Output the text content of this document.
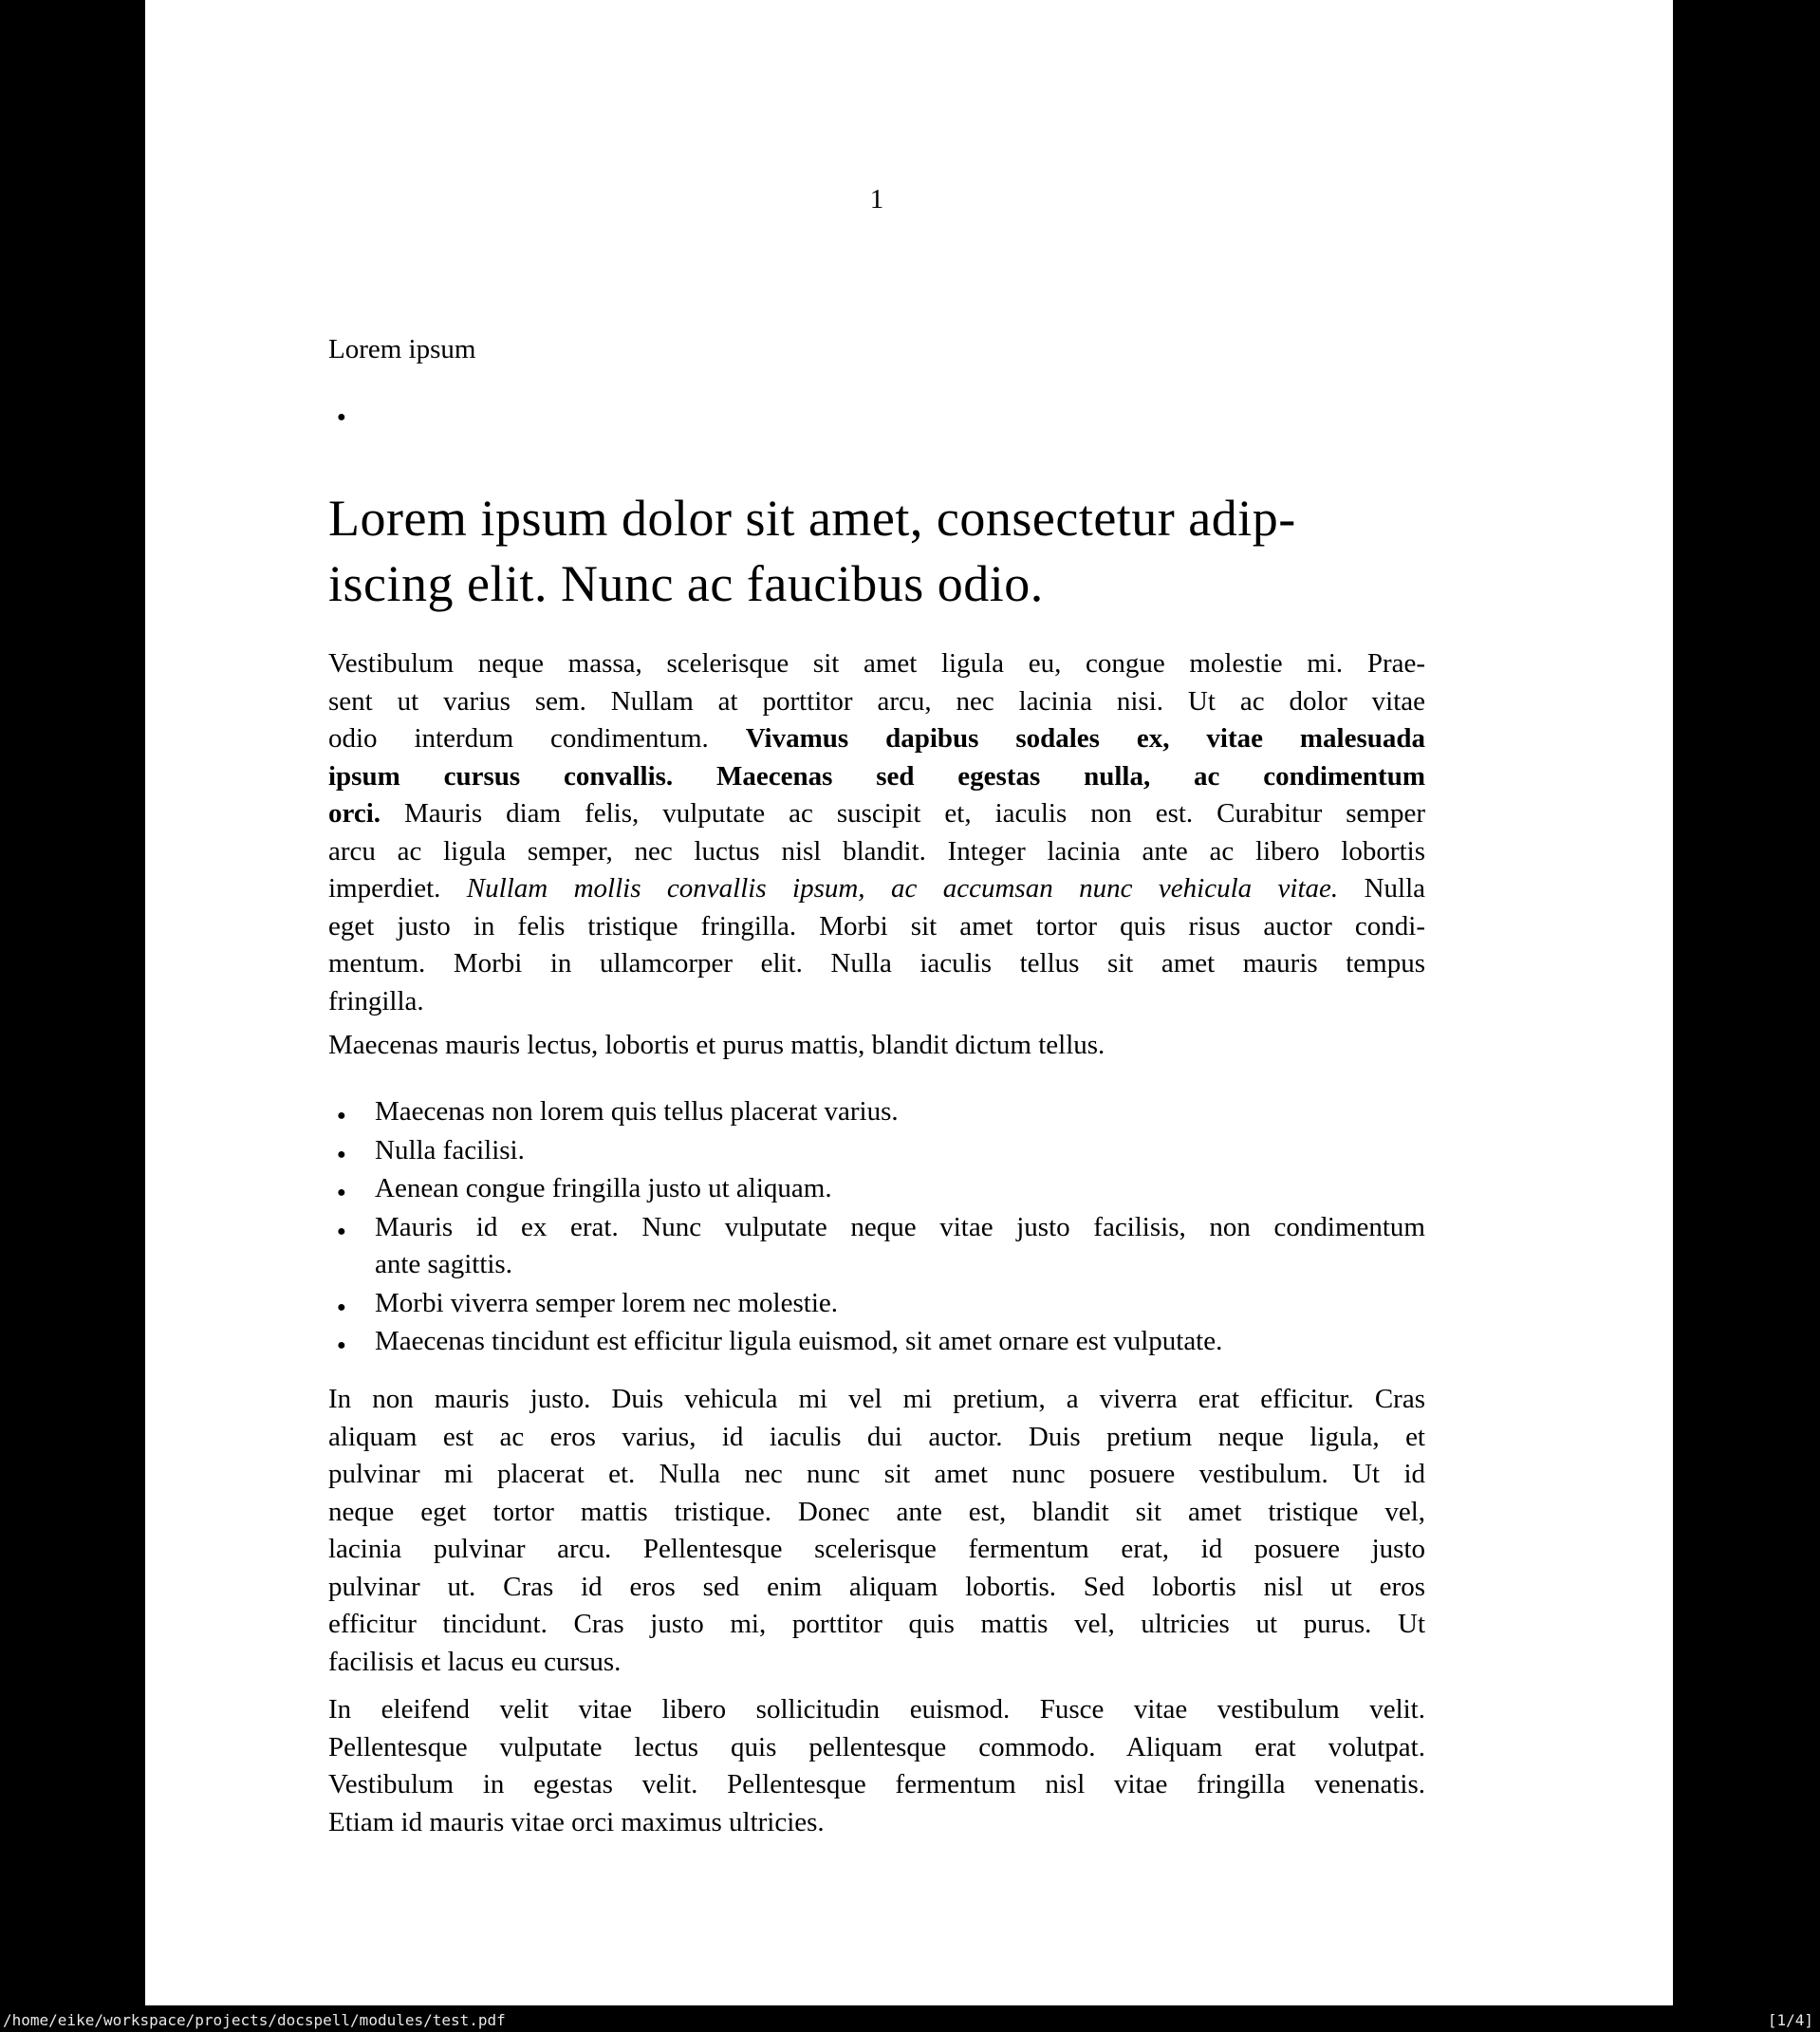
1
Lorem ipsum
●
Lorem ipsum dolor sit amet, consectetur adip-
iscing elit. Nunc ac faucibus odio.
Vestibulum neque massa, scelerisque sit amet ligula eu, congue molestie mi. Prae-
sent ut varius sem. Nullam at porttitor arcu, nec lacinia nisi. Ut ac dolor vitae
odio interdum condimentum. Vivamus dapibus sodales ex, vitae malesuada
ipsum cursus convallis. Maecenas sed egestas nulla, ac condimentum
orci. Mauris diam felis, vulputate ac suscipit et, iaculis non est. Curabitur semper
arcu ac ligula semper, nec luctus nisl blandit. Integer lacinia ante ac libero lobortis
imperdiet. Nullam mollis convallis ipsum, ac accumsan nunc vehicula vitae. Nulla
eget justo in felis tristique fringilla. Morbi sit amet tortor quis risus auctor condi-
mentum. Morbi in ullamcorper elit. Nulla iaculis tellus sit amet mauris tempus
fringilla.
Maecenas mauris lectus, lobortis et purus mattis, blandit dictum tellus.
● Maecenas non lorem quis tellus placerat varius.
● Nulla facilisi.
● Aenean congue fringilla justo ut aliquam.
● Mauris id ex erat. Nunc vulputate neque vitae justo facilisis, non condimentum
ante sagittis.
● Morbi viverra semper lorem nec molestie.
● Maecenas tincidunt est efficitur ligula euismod, sit amet ornare est vulputate.
In non mauris justo. Duis vehicula mi vel mi pretium, a viverra erat efficitur. Cras
aliquam est ac eros varius, id iaculis dui auctor. Duis pretium neque ligula, et
pulvinar mi placerat et. Nulla nec nunc sit amet nunc posuere vestibulum. Ut id
neque eget tortor mattis tristique. Donec ante est, blandit sit amet tristique vel,
lacinia pulvinar arcu. Pellentesque scelerisque fermentum erat, id posuere justo
pulvinar ut. Cras id eros sed enim aliquam lobortis. Sed lobortis nisl ut eros
efficitur tincidunt. Cras justo mi, porttitor quis mattis vel, ultricies ut purus. Ut
facilisis et lacus eu cursus.
In eleifend velit vitae libero sollicitudin euismod. Fusce vitae vestibulum velit.
Pellentesque vulputate lectus quis pellentesque commodo. Aliquam erat volutpat.
Vestibulum in egestas velit. Pellentesque fermentum nisl vitae fringilla venenatis.
Etiam id mauris vitae orci maximus ultricies.
/home/eike/workspace/projects/docspell/modules/test.pdf	[1/4]
